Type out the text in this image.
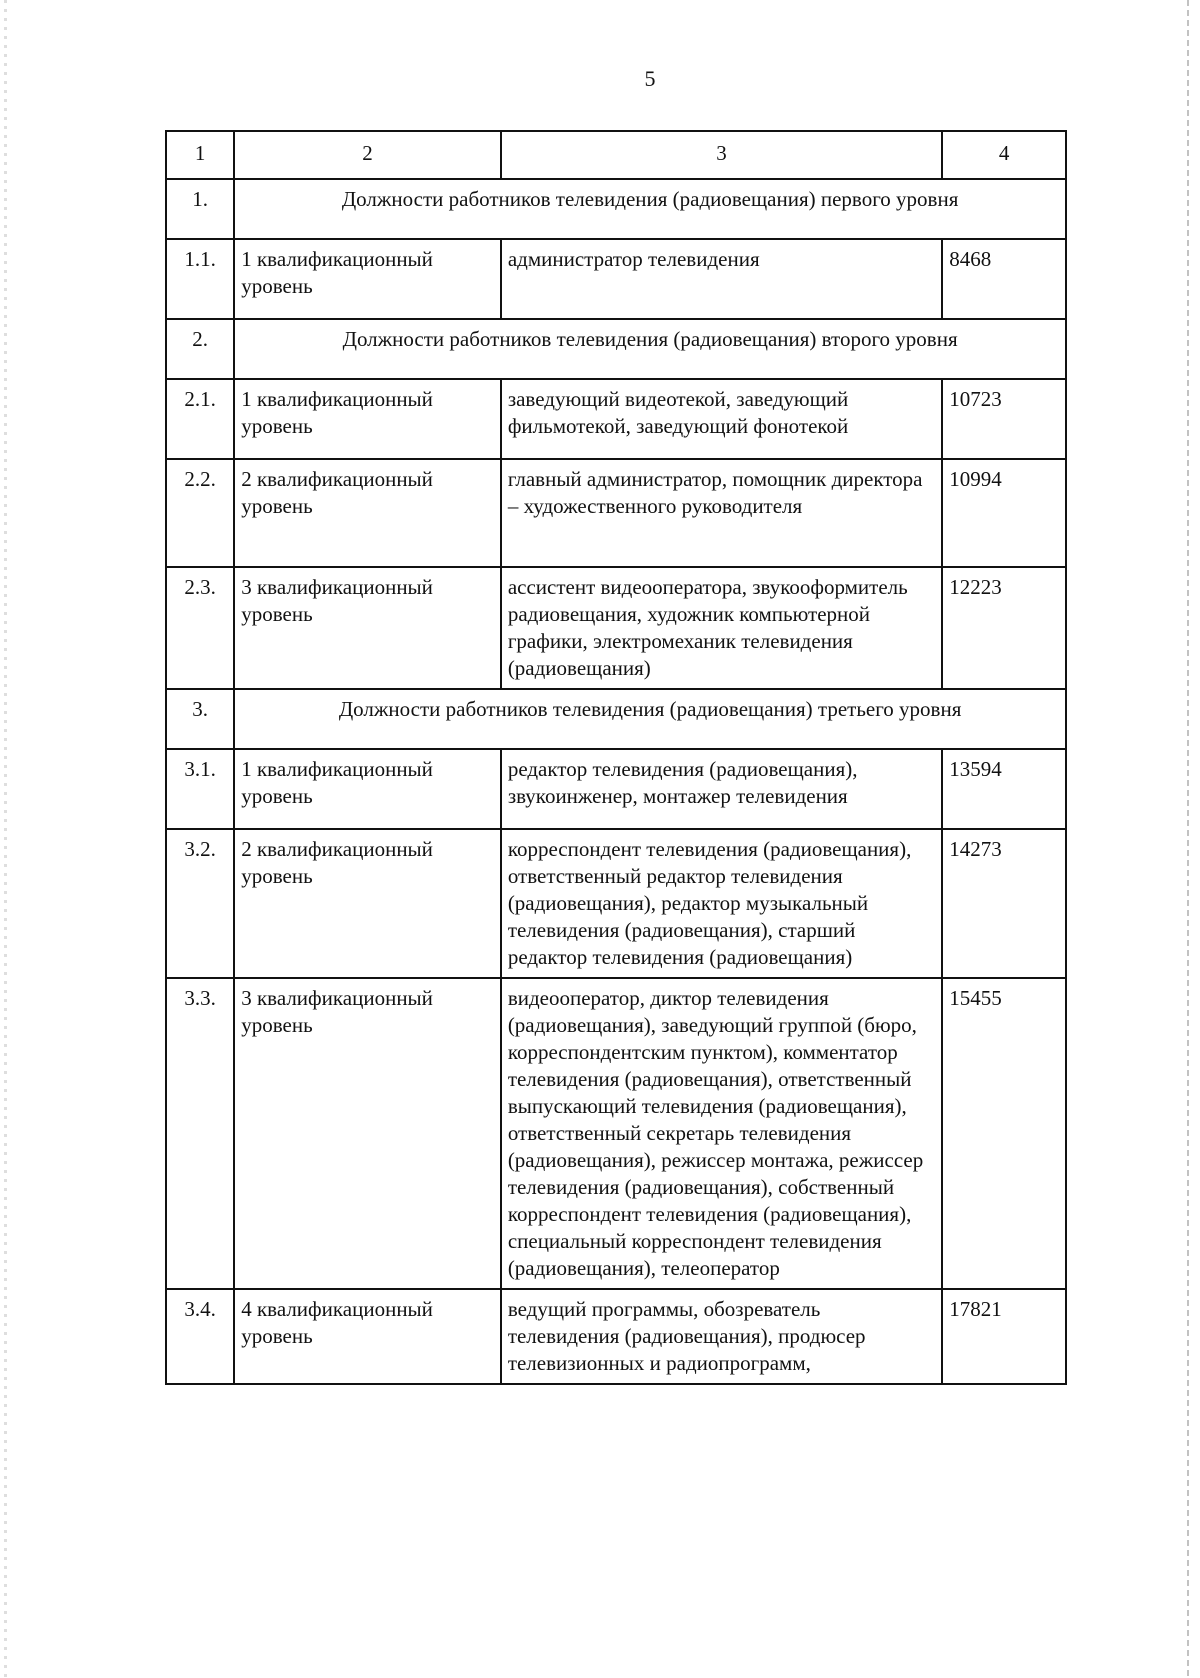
5
1	2	3	4
1.	Должности работников телевидения (радиовещания) первого уровня		
1.1.	1 квалификационный уровень	администратор телевидения	8468
2.	Должности работников телевидения (радиовещания) второго уровня		
2.1.	1 квалификационный уровень	заведующий видеотекой, заведующий фильмотекой, заведующий фонотекой	10723
2.2.	2 квалификационный уровень	главный администратор, помощник директора – художественного руководителя	10994
2.3.	3 квалификационный уровень	ассистент видеооператора, звукооформитель радиовещания, художник компьютерной графики, электромеханик телевидения (радиовещания)	12223
3.	Должности работников телевидения (радиовещания) третьего уровня		
3.1.	1 квалификационный уровень	редактор телевидения (радиовещания), звукоинженер, монтажер телевидения	13594
3.2.	2 квалификационный уровень	корреспондент телевидения (радиовещания), ответственный редактор телевидения (радиовещания), редактор музыкальный телевидения (радиовещания), старший редактор телевидения (радиовещания)	14273
3.3.	3 квалификационный уровень	видеооператор, диктор телевидения (радиовещания), заведующий группой (бюро, корреспондентским пунктом), комментатор телевидения (радиовещания), ответственный выпускающий телевидения (радиовещания), ответственный секретарь телевидения (радиовещания), режиссер монтажа, режиссер телевидения (радиовещания), собственный корреспондент телевидения (радиовещания), специальный корреспондент телевидения (радиовещания), телеоператор	15455
3.4.	4 квалификационный уровень	ведущий программы, обозреватель телевидения (радиовещания), продюсер телевизионных и радиопрограмм,	17821
